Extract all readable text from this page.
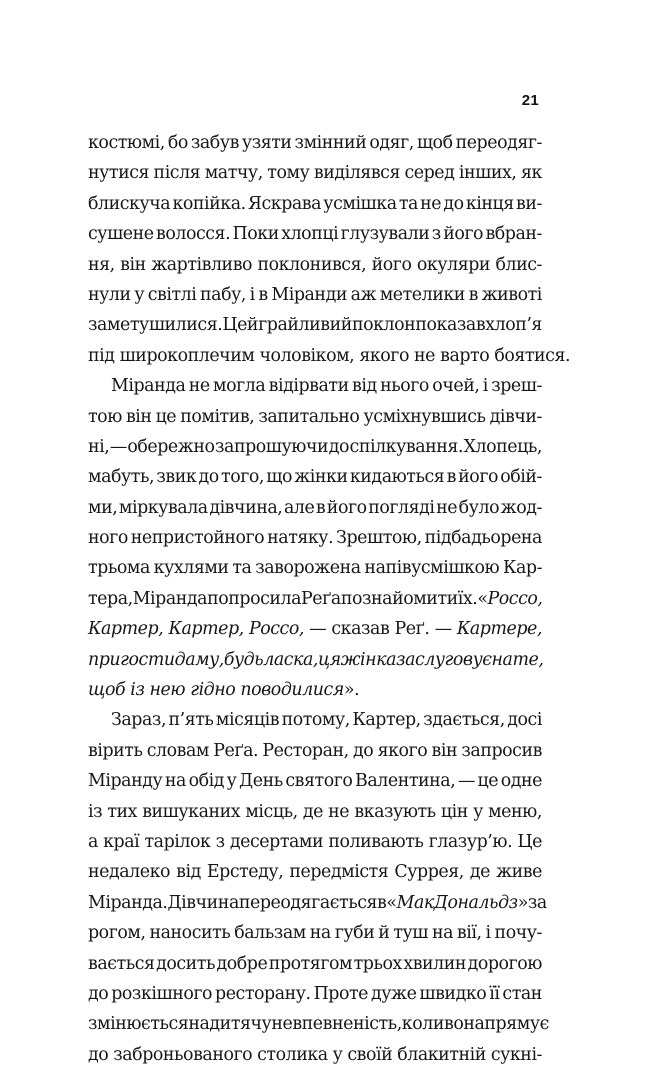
21
костюмі, бо забув узяти змінний одяг, щоб переодяг-
нутися після матчу, тому виділявся серед інших, як
блискуча копійка. Яскрава усмішка та не до кінця ви-
сушене волосся. Поки хлопці глузували з його вбран-
ня, він жартівливо поклонився, його окуляри блис-
нули у світлі пабу, і в Міранди аж метелики в животі
заметушилися. Цей грайливий поклон показав хлоп’я
під широкоплечим чоловіком, якого не варто боятися.
Міранда не могла відірвати від нього очей, і зреш-
тою він це помітив, запитально усміхнувшись дівчи-
ні, — обережно запрошуючи до спілкування. Хлопець,
мабуть, звик до того, що жінки кидаються в його обій-
ми, міркувала дівчина, але в його погляді не було жод-
ного непристойного натяку. Зрештою, підбадьорена
трьома кухлями та заворожена напівусмішкою Кар-
тера, Міранда попросила Реґа познайомити їх. «Россо,
Картер, Картер, Россо, — сказав Реґ. — Картере,
пригости даму, будь ласка, ця жінка заслуговує на те,
щоб із нею гідно поводилися».
Зараз, п’ять місяців потому, Картер, здається, досі
вірить словам Реґа. Ресторан, до якого він запросив
Міранду на обід у День святого Валентина, — це одне
із тих вишуканих місць, де не вказують цін у меню,
а краї тарілок з десертами поливають глазур’ю. Це
недалеко від Ерстеду, передмістя Суррея, де живе
Міранда. Дівчина переодягається в «МакДональдз» за
рогом, наносить бальзам на губи й туш на вії, і почу-
вається досить добре протягом трьох хвилин дорогою
до розкішного ресторану. Проте дуже швидко її стан
змінюється на дитячу невпевненість, коли вона прямує
до заброньованого столика у своїй блакитній сукні-
